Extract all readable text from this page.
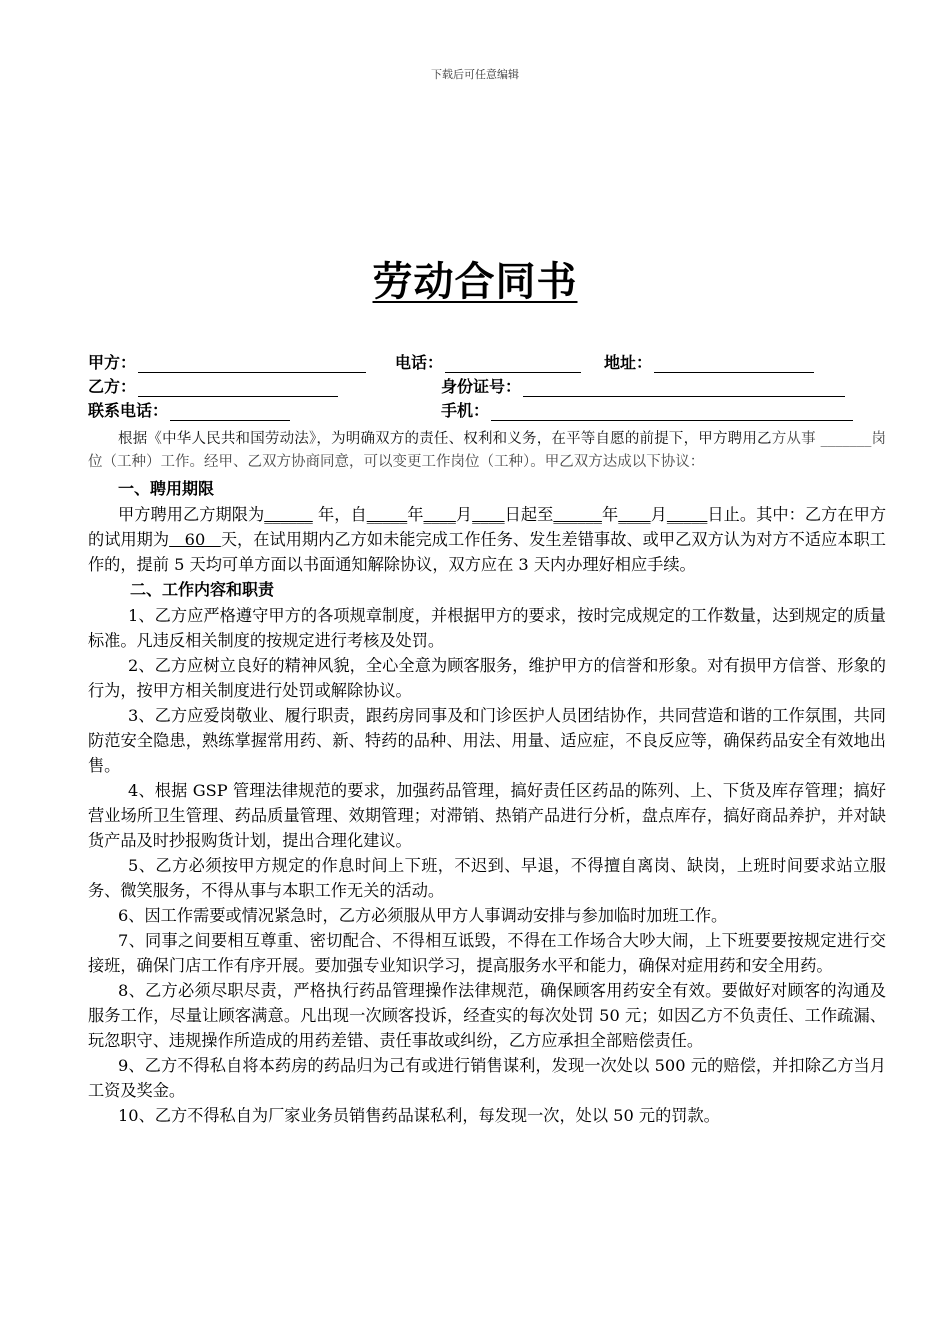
下载后可任意编辑
劳动合同书
甲方：	电话：	地址：
乙方：	身份证号：
联系电话：	手机：

根据《中华人民共和国劳动法》，为明确双方的责任、权利和义务，在平等自愿的前提下，甲方聘用乙方从事 _______岗位（工种）工作。经甲、乙双方协商同意，可以变更工作岗位（工种）。甲乙双方达成以下协议：

一、聘用期限

甲方聘用乙方期限为______ 年，自_____年____月____日起至______年____月_____日止。其中：乙方在甲方的试用期为   60   天，在试用期内乙方如未能完成工作任务、发生差错事故、或甲乙双方认为对方不适应本职工作的，提前 5 天均可单方面以书面通知解除协议，双方应在 3 天内办理好相应手续。

二、工作内容和职责

1、乙方应严格遵守甲方的各项规章制度，并根据甲方的要求，按时完成规定的工作数量，达到规定的质量标准。凡违反相关制度的按规定进行考核及处罚。

2、乙方应树立良好的精神风貌，全心全意为顾客服务，维护甲方的信誉和形象。对有损甲方信誉、形象的行为，按甲方相关制度进行处罚或解除协议。

3、乙方应爱岗敬业、履行职责，跟药房同事及和门诊医护人员团结协作，共同营造和谐的工作氛围，共同防范安全隐患，熟练掌握常用药、新、特药的品种、用法、用量、适应症，不良反应等，确保药品安全有效地出售。

4、根据 GSP 管理法律规范的要求，加强药品管理，搞好责任区药品的陈列、上、下货及库存管理；搞好营业场所卫生管理、药品质量管理、效期管理；对滞销、热销产品进行分析，盘点库存，搞好商品养护，并对缺货产品及时抄报购货计划，提出合理化建议。

5、乙方必须按甲方规定的作息时间上下班，不迟到、早退，不得擅自离岗、缺岗，上班时间要求站立服务、微笑服务，不得从事与本职工作无关的活动。

6、因工作需要或情况紧急时，乙方必须服从甲方人事调动安排与参加临时加班工作。

7、同事之间要相互尊重、密切配合、不得相互诋毁，不得在工作场合大吵大闹，上下班要要按规定进行交接班，确保门店工作有序开展。要加强专业知识学习，提高服务水平和能力，确保对症用药和安全用药。

8、乙方必须尽职尽责，严格执行药品管理操作法律规范，确保顾客用药安全有效。要做好对顾客的沟通及服务工作，尽量让顾客满意。凡出现一次顾客投诉，经查实的每次处罚 50 元；如因乙方不负责任、工作疏漏、玩忽职守、违规操作所造成的用药差错、责任事故或纠纷，乙方应承担全部赔偿责任。

9、乙方不得私自将本药房的药品归为己有或进行销售谋利，发现一次处以 500 元的赔偿，并扣除乙方当月工资及奖金。

10、乙方不得私自为厂家业务员销售药品谋私利，每发现一次，处以 50 元的罚款。
